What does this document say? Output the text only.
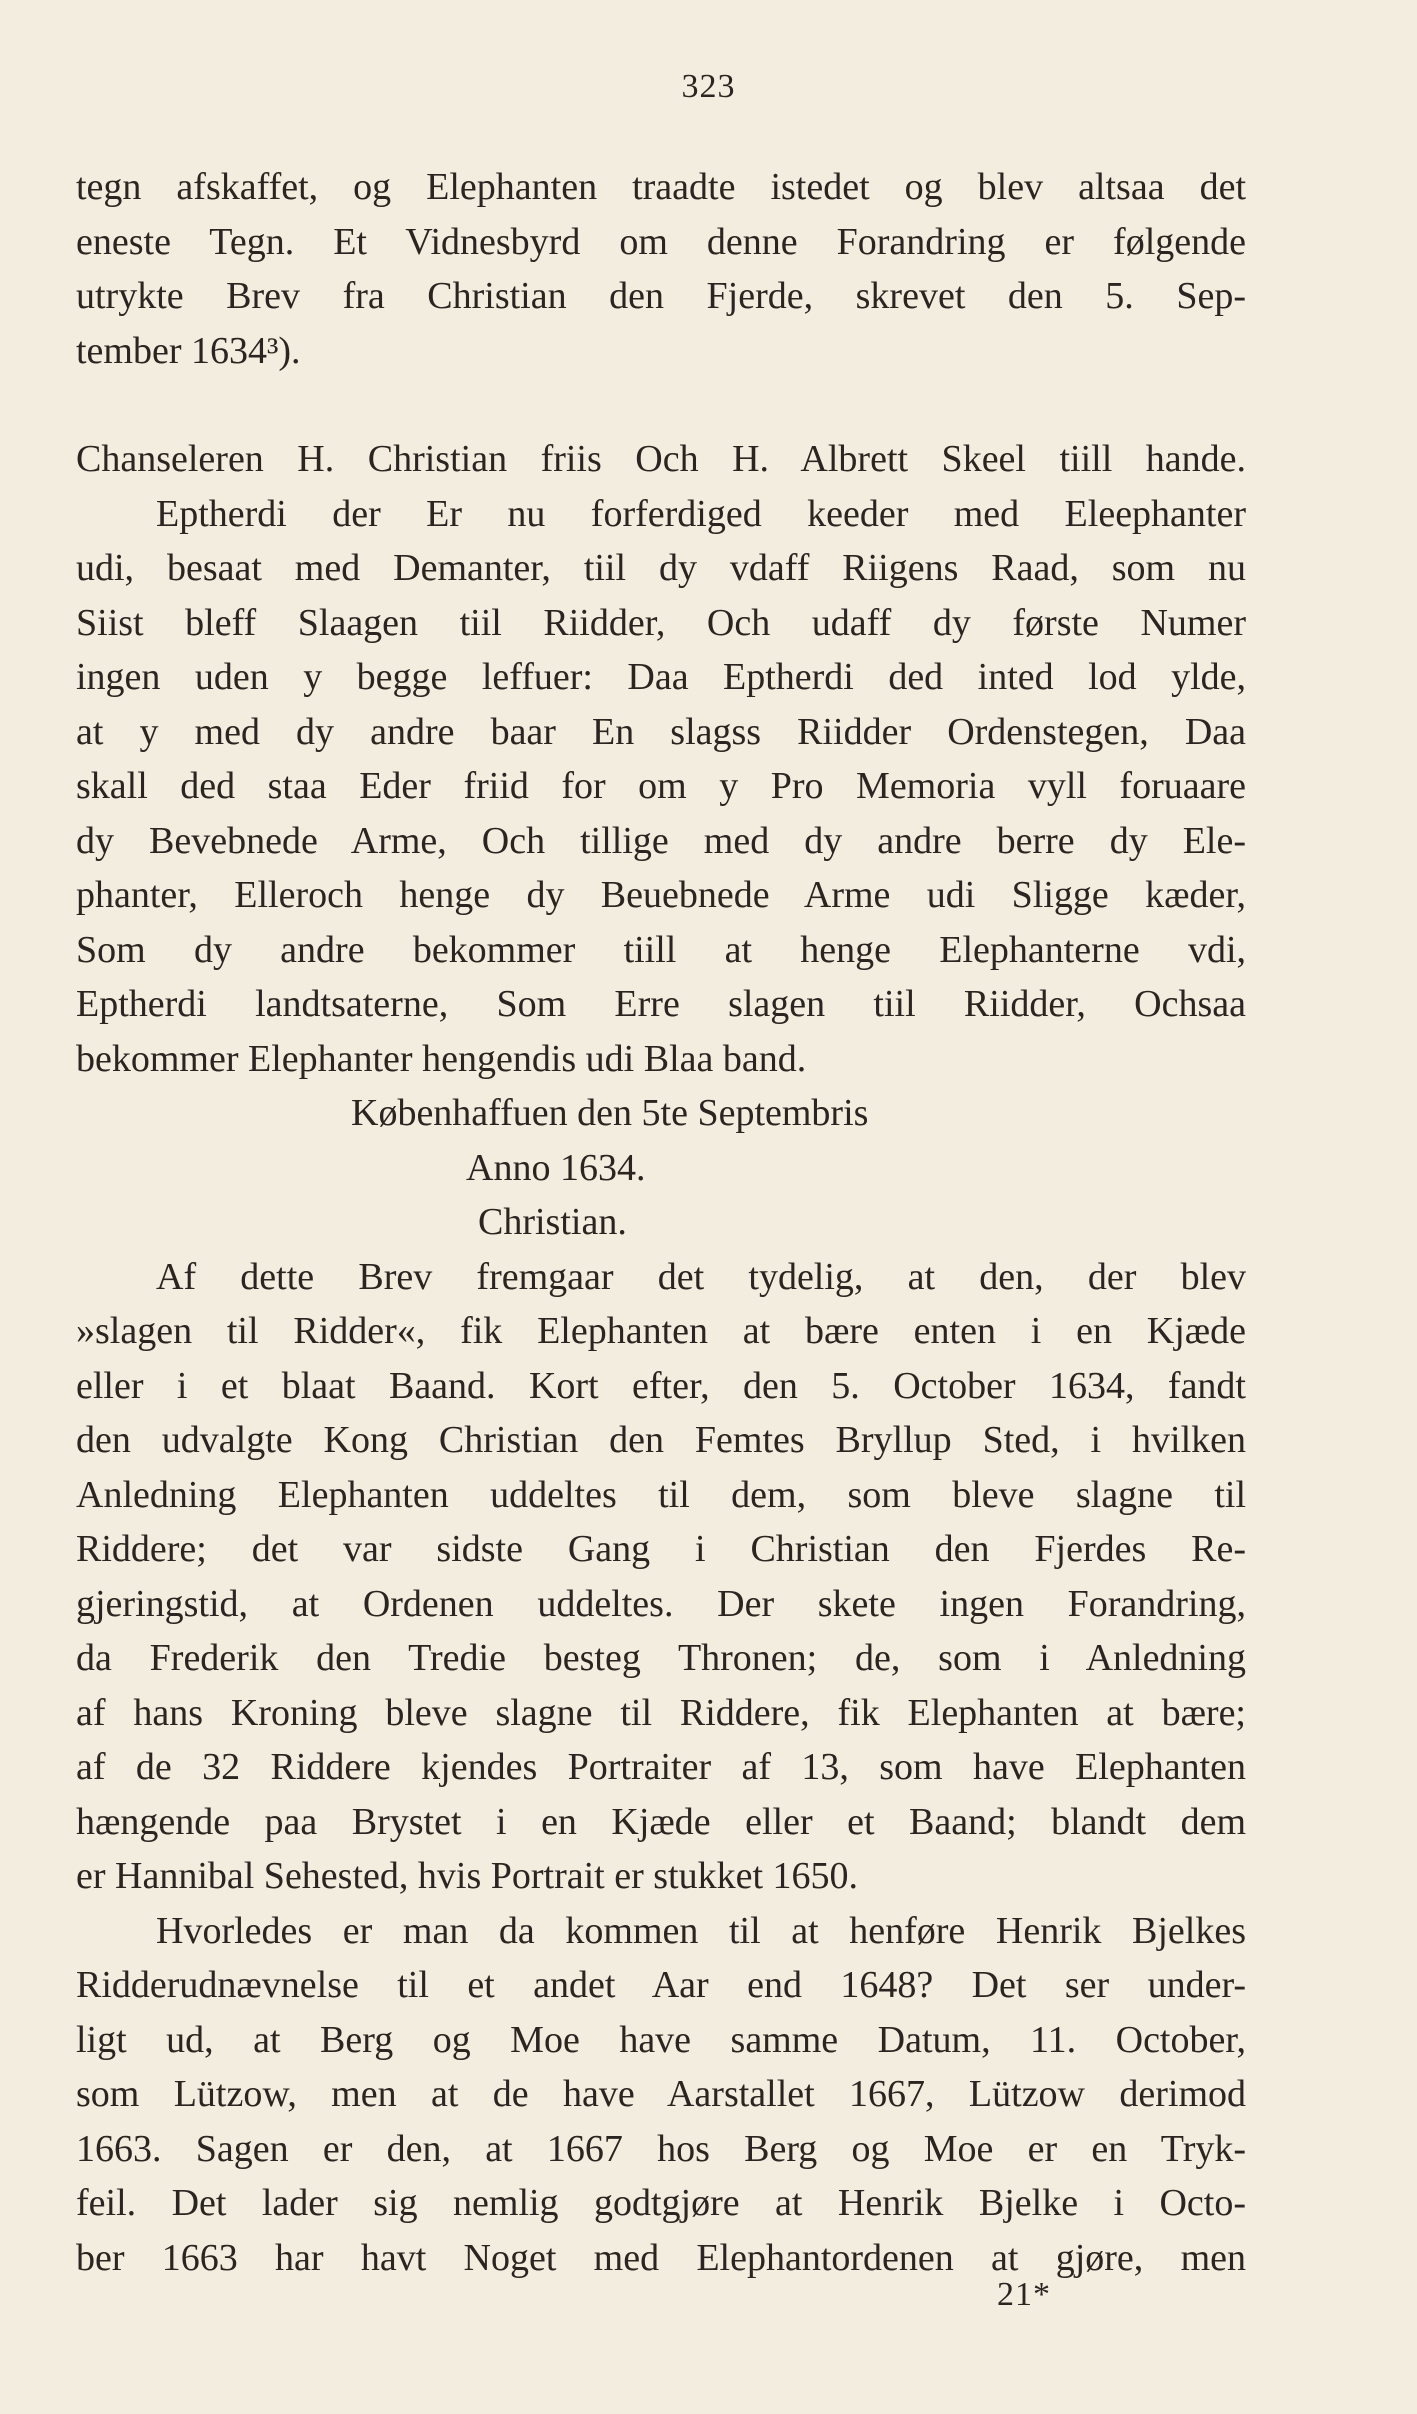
323
tegn afskaffet, og Elephanten traadte istedet og blev altsaa det
eneste Tegn. Et Vidnesbyrd om denne Forandring er følgende
utrykte Brev fra Christian den Fjerde, skrevet den 5. Sep-
tember 1634³).
Chanseleren H. Christian friis Och H. Albrett Skeel tiill hande.
Eptherdi der Er nu forferdiged keeder med Eleephanter
udi, besaat med Demanter, tiil dy vdaff Riigens Raad, som nu
Siist bleff Slaagen tiil Riidder, Och udaff dy første Numer
ingen uden y begge leffuer: Daa Eptherdi ded inted lod ylde,
at y med dy andre baar En slagss Riidder Ordenstegen, Daa
skall ded staa Eder friid for om y Pro Memoria vyll foruaare
dy Bevebnede Arme, Och tillige med dy andre berre dy Ele-
phanter, Elleroch henge dy Beuebnede Arme udi Sligge kæder,
Som dy andre bekommer tiill at henge Elephanterne vdi,
Eptherdi landtsaterne, Som Erre slagen tiil Riidder, Ochsaa
bekommer Elephanter hengendis udi Blaa band.
Københaffuen den 5te Septembris
Anno 1634.
Christian.
Af dette Brev fremgaar det tydelig, at den, der blev
»slagen til Ridder«, fik Elephanten at bære enten i en Kjæde
eller i et blaat Baand. Kort efter, den 5. October 1634, fandt
den udvalgte Kong Christian den Femtes Bryllup Sted, i hvilken
Anledning Elephanten uddeltes til dem, som bleve slagne til
Riddere; det var sidste Gang i Christian den Fjerdes Re-
gjeringstid, at Ordenen uddeltes. Der skete ingen Forandring,
da Frederik den Tredie besteg Thronen; de, som i Anledning
af hans Kroning bleve slagne til Riddere, fik Elephanten at bære;
af de 32 Riddere kjendes Portraiter af 13, som have Elephanten
hængende paa Brystet i en Kjæde eller et Baand; blandt dem
er Hannibal Sehested, hvis Portrait er stukket 1650.
Hvorledes er man da kommen til at henføre Henrik Bjelkes
Ridderudnævnelse til et andet Aar end 1648? Det ser under-
ligt ud, at Berg og Moe have samme Datum, 11. October,
som Lützow, men at de have Aarstallet 1667, Lützow derimod
1663. Sagen er den, at 1667 hos Berg og Moe er en Tryk-
feil. Det lader sig nemlig godtgjøre at Henrik Bjelke i Octo-
ber 1663 har havt Noget med Elephantordenen at gjøre, men
21*
